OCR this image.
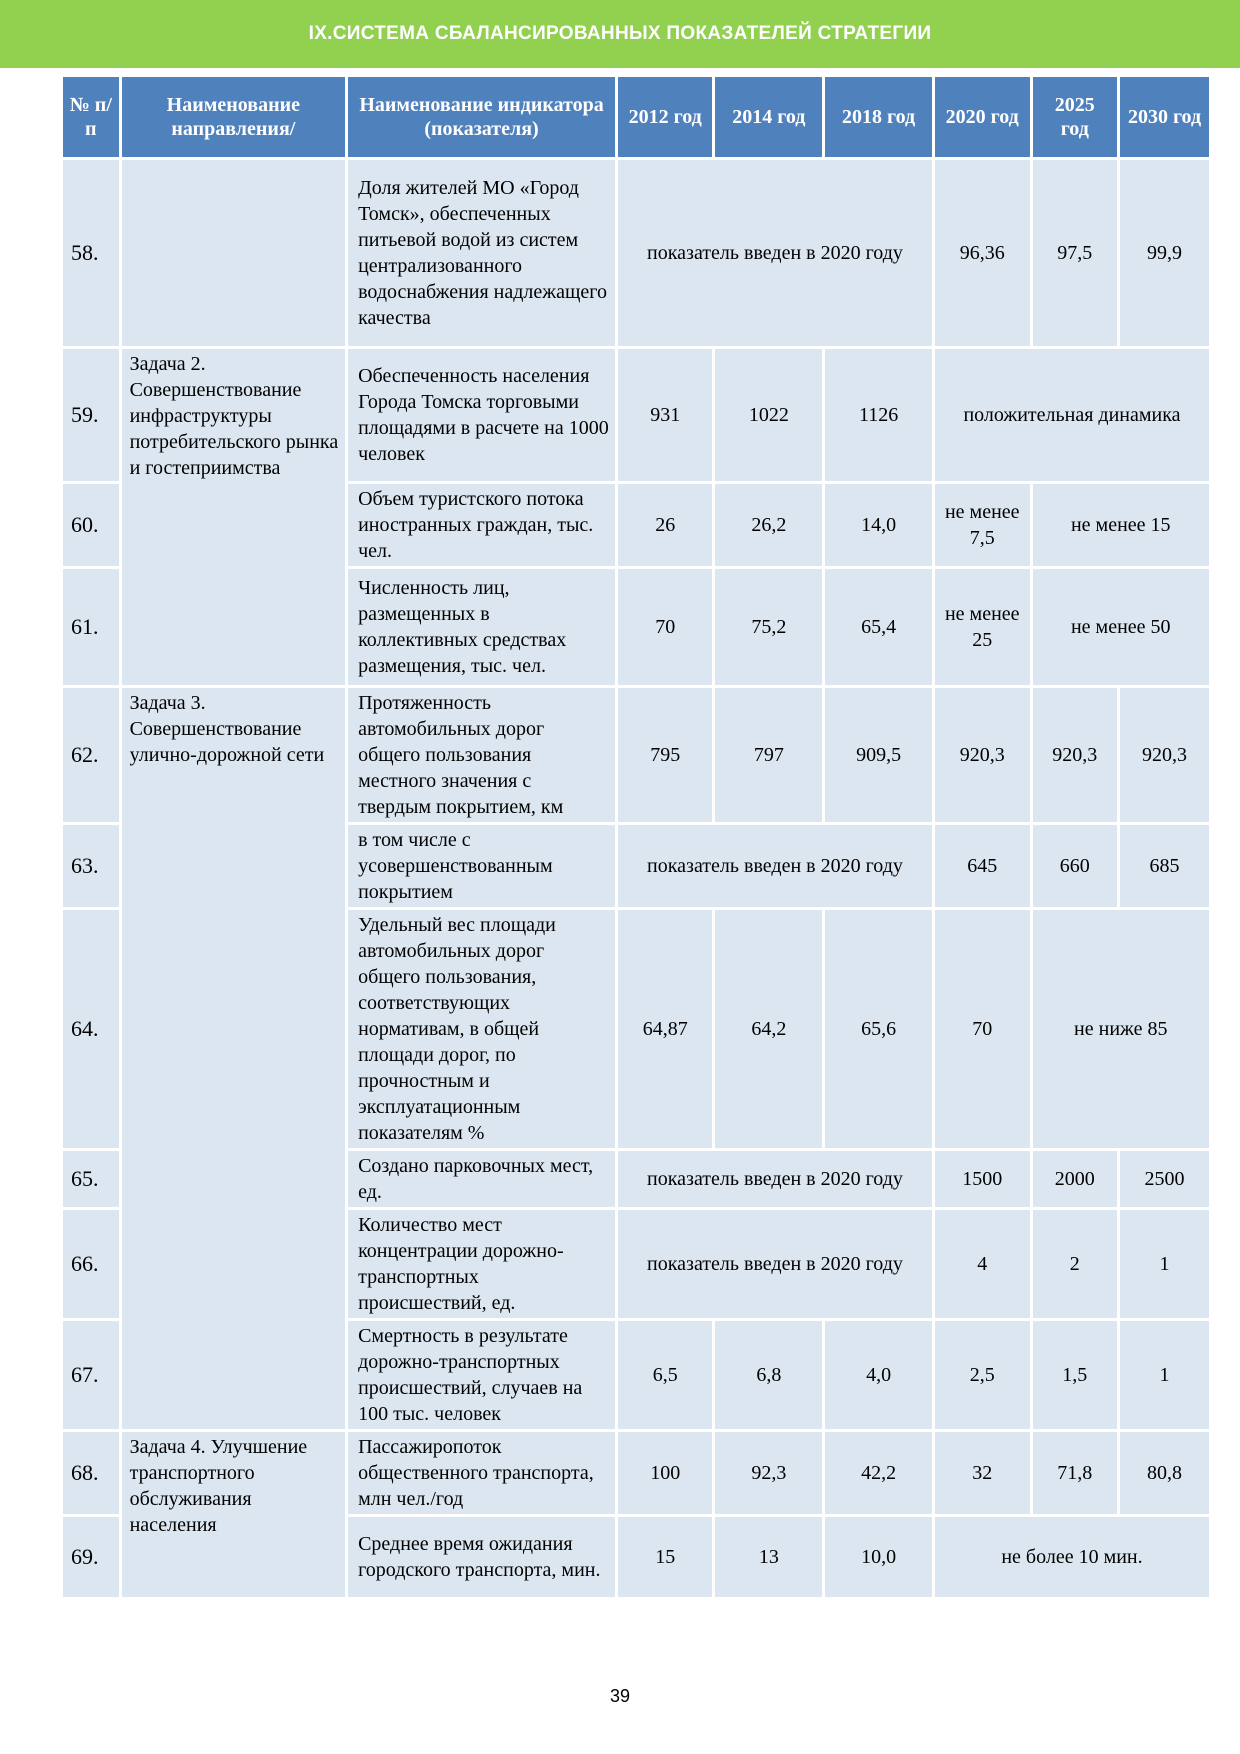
IX.СИСТЕМА СБАЛАНСИРОВАННЫХ ПОКАЗАТЕЛЕЙ СТРАТЕГИИ
№ п/п	Наименование направления/	Наименование индикатора (показателя)	2012 год	2014 год	2018 год	2020 год	2025 год	2030 год
58.		Доля жителей МО «Город Томск», обеспеченных питьевой водой из систем централизованного водоснабжения надлежащего качества	показатель введен в 2020 году			96,36	97,5	99,9
59.	Задача 2. Совершенствование инфраструктуры потребительского рынка и гостеприимства	Обеспеченность населения Города Томска торговыми площадями в расчете на 1000 человек	931	1022	1126	положительная динамика		
60.		Объем туристского потока иностранных граждан, тыс. чел.	26	26,2	14,0	не менее 7,5	не менее 15	
61.		Численность лиц, размещенных в коллективных средствах размещения, тыс. чел.	70	75,2	65,4	не менее 25	не менее 50	
62.	Задача 3. Совершенствование улично-дорожной сети	Протяженность автомобильных дорог общего пользования местного значения с твердым покрытием, км	795	797	909,5	920,3	920,3	920,3
63.		в том числе с усовершенствованным покрытием	показатель введен в 2020 году			645	660	685
64.		Удельный вес площади автомобильных дорог общего пользования, соответствующих нормативам, в общей площади дорог, по прочностным и эксплуатационным показателям %	64,87	64,2	65,6	70	не ниже 85	
65.		Создано парковочных мест, ед.	показатель введен в 2020 году			1500	2000	2500
66.		Количество мест концентрации дорожно-транспортных происшествий, ед.	показатель введен в 2020 году			4	2	1
67.		Смертность в результате дорожно-транспортных происшествий, случаев на 100 тыс. человек	6,5	6,8	4,0	2,5	1,5	1
68.	Задача 4. Улучшение транспортного обслуживания населения	Пассажиропоток общественного транспорта, млн чел./год	100	92,3	42,2	32	71,8	80,8
69.		Среднее время ожидания городского транспорта, мин.	15	13	10,0	не более 10 мин.		
39
